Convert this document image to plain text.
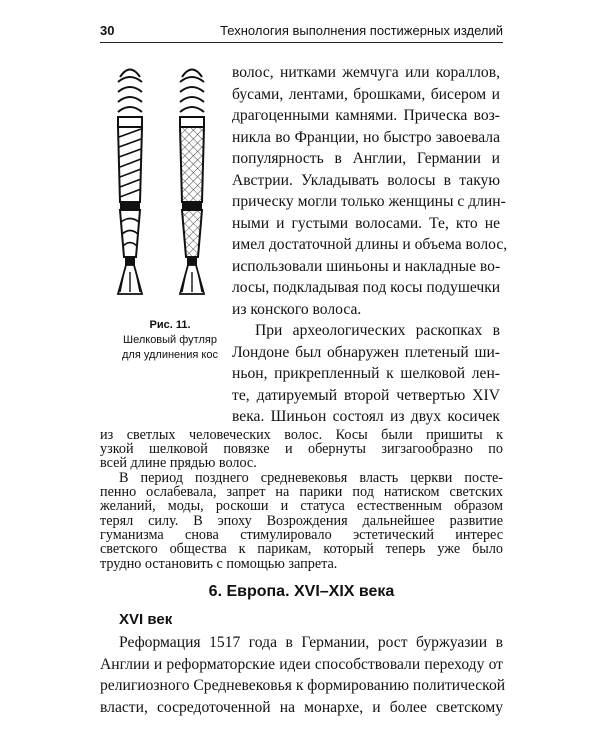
30	Технология выполнения постижерных изделий
Рис. 11.
Шелковый футляр
для удлинения кос
волос, нитками жемчуга или кораллов,
бусами, лентами, брошками, бисером и
драгоценными камнями. Прическа воз-
никла во Франции, но быстро завоевала
популярность в Англии, Германии и
Австрии. Укладывать волосы в такую
прическу могли только женщины с длин-
ными и густыми волосами. Те, кто не
имел достаточной длины и объема волос,
использовали шиньоны и накладные во-
лосы, подкладывая под косы подушечки
из конского волоса.
При археологических раскопках в
Лондоне был обнаружен плетеный ши-
ньон, прикрепленный к шелковой лен-
те, датируемый второй четвертью XIV
века. Шиньон состоял из двух косичек
из светлых человеческих волос. Косы были пришиты к
узкой шелковой повязке и обернуты зигзагообразно по
всей длине прядью волос.
В период позднего средневековья власть церкви посте-
пенно ослабевала, запрет на парики под натиском светских
желаний, моды, роскоши и статуса естественным образом
терял силу. В эпоху Возрождения дальнейшее развитие
гуманизма снова стимулировало эстетический интерес
светского общества к парикам, который теперь уже было
трудно остановить с помощью запрета.
6. Европа. XVI–XIX века
XVI век
Реформация 1517 года в Германии, рост буржуазии в
Англии и реформаторские идеи способствовали переходу от
религиозного Средневековья к формированию политической
власти, сосредоточенной на монархе, и более светскому
